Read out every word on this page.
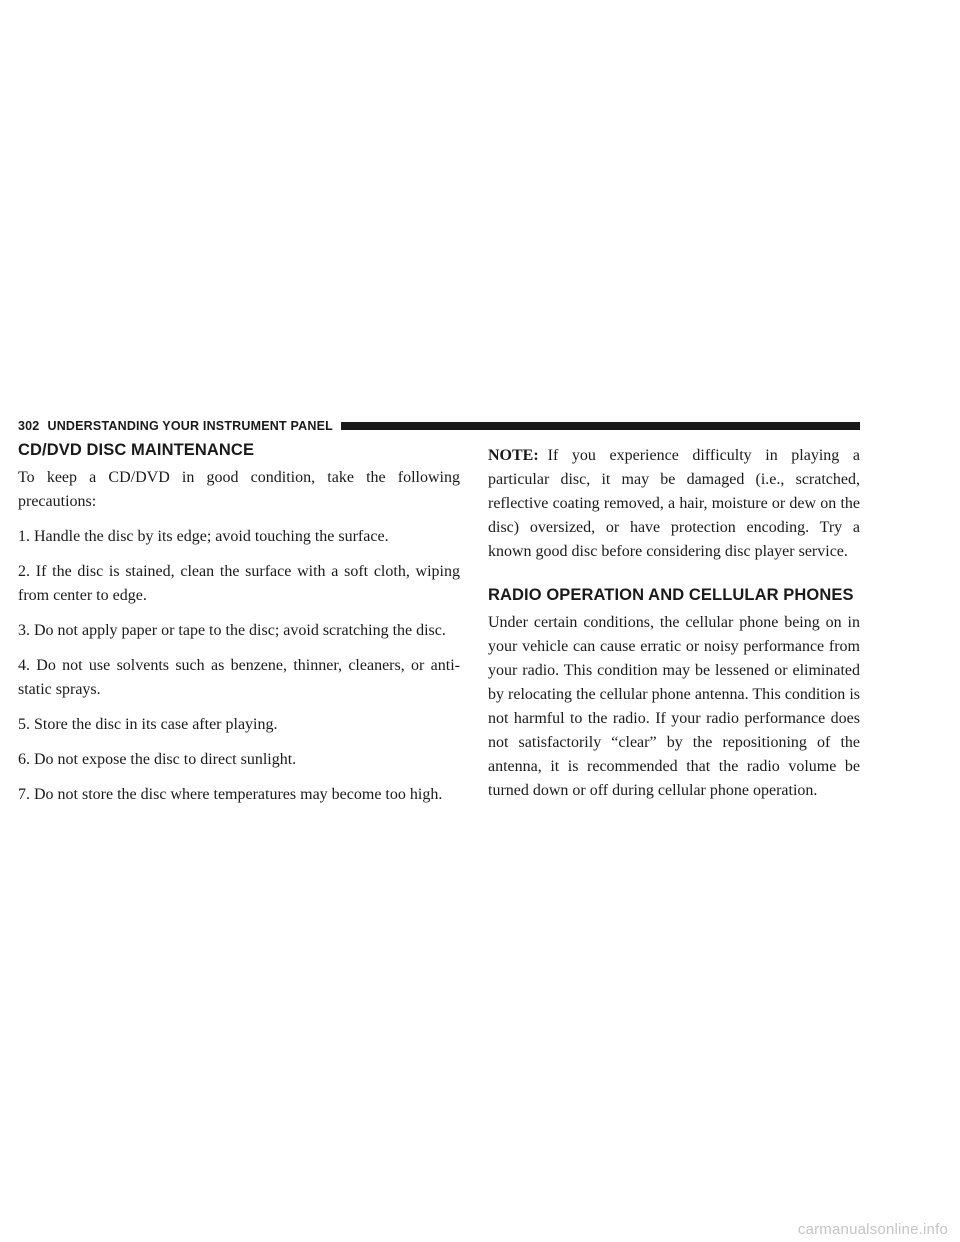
302 UNDERSTANDING YOUR INSTRUMENT PANEL
CD/DVD DISC MAINTENANCE

To keep a CD/DVD in good condition, take the following precautions:

1. Handle the disc by its edge; avoid touching the surface.

2. If the disc is stained, clean the surface with a soft cloth, wiping from center to edge.

3. Do not apply paper or tape to the disc; avoid scratching the disc.

4. Do not use solvents such as benzene, thinner, cleaners, or anti-static sprays.

5. Store the disc in its case after playing.

6. Do not expose the disc to direct sunlight.

7. Do not store the disc where temperatures may become too high.

NOTE: If you experience difficulty in playing a particular disc, it may be damaged (i.e., scratched, reflective coating removed, a hair, moisture or dew on the disc) oversized, or have protection encoding. Try a known good disc before considering disc player service.

RADIO OPERATION AND CELLULAR PHONES

Under certain conditions, the cellular phone being on in your vehicle can cause erratic or noisy performance from your radio. This condition may be lessened or eliminated by relocating the cellular phone antenna. This condition is not harmful to the radio. If your radio performance does not satisfactorily “clear” by the repositioning of the antenna, it is recommended that the radio volume be turned down or off during cellular phone operation.

carmanualsonline.info
